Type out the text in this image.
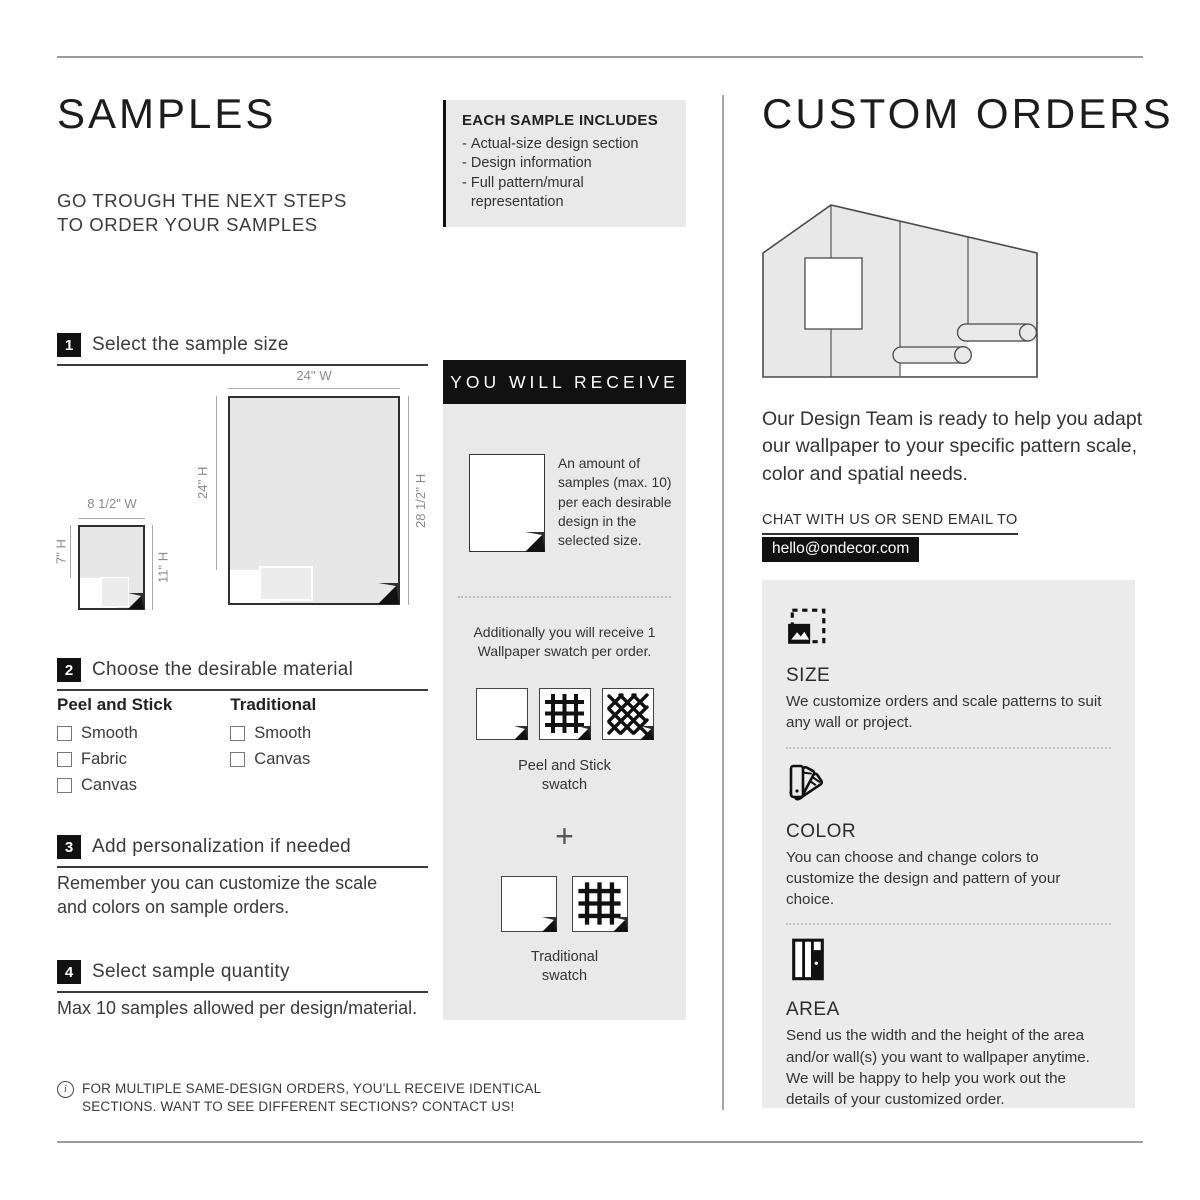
SAMPLES
GO TROUGH THE NEXT STEPS
TO ORDER YOUR SAMPLES
1 Select the sample size
24'' W
24'' H	28 1/2'' H
8 1/2" W
7" H
11" H
2 Choose the desirable material
Peel and Stick
Smooth
Fabric
Canvas
Traditional
Smooth
Canvas
3 Add personalization if needed
Remember you can customize the scale
and colors on sample orders.
4 Select sample quantity
Max 10 samples allowed per design/material.
i	FOR MULTIPLE SAME-DESIGN ORDERS, YOU'LL RECEIVE IDENTICAL
SECTIONS. WANT TO SEE DIFFERENT SECTIONS? CONTACT US!
EACH SAMPLE INCLUDES
- Actual-size design section
- Design information
- Full pattern/mural representation
YOU WILL RECEIVE
An amount of samples (max. 10) per each desirable design in the selected size.
Additionally you will receive 1 Wallpaper swatch per order.
Peel and Stick
swatch
+
Traditional
swatch
CUSTOM ORDERS
Our Design Team is ready to help you adapt our wallpaper to your specific pattern scale, color and spatial needs.
CHAT WITH US OR SEND EMAIL TO
hello@ondecor.com
SIZE
We customize orders and scale patterns to suit any wall or project.
COLOR
You can choose and change colors to customize the design and pattern of your choice.
AREA
Send us the width and the height of the area and/or wall(s) you want to wallpaper anytime. We will be happy to help you work out the details of your customized order.
